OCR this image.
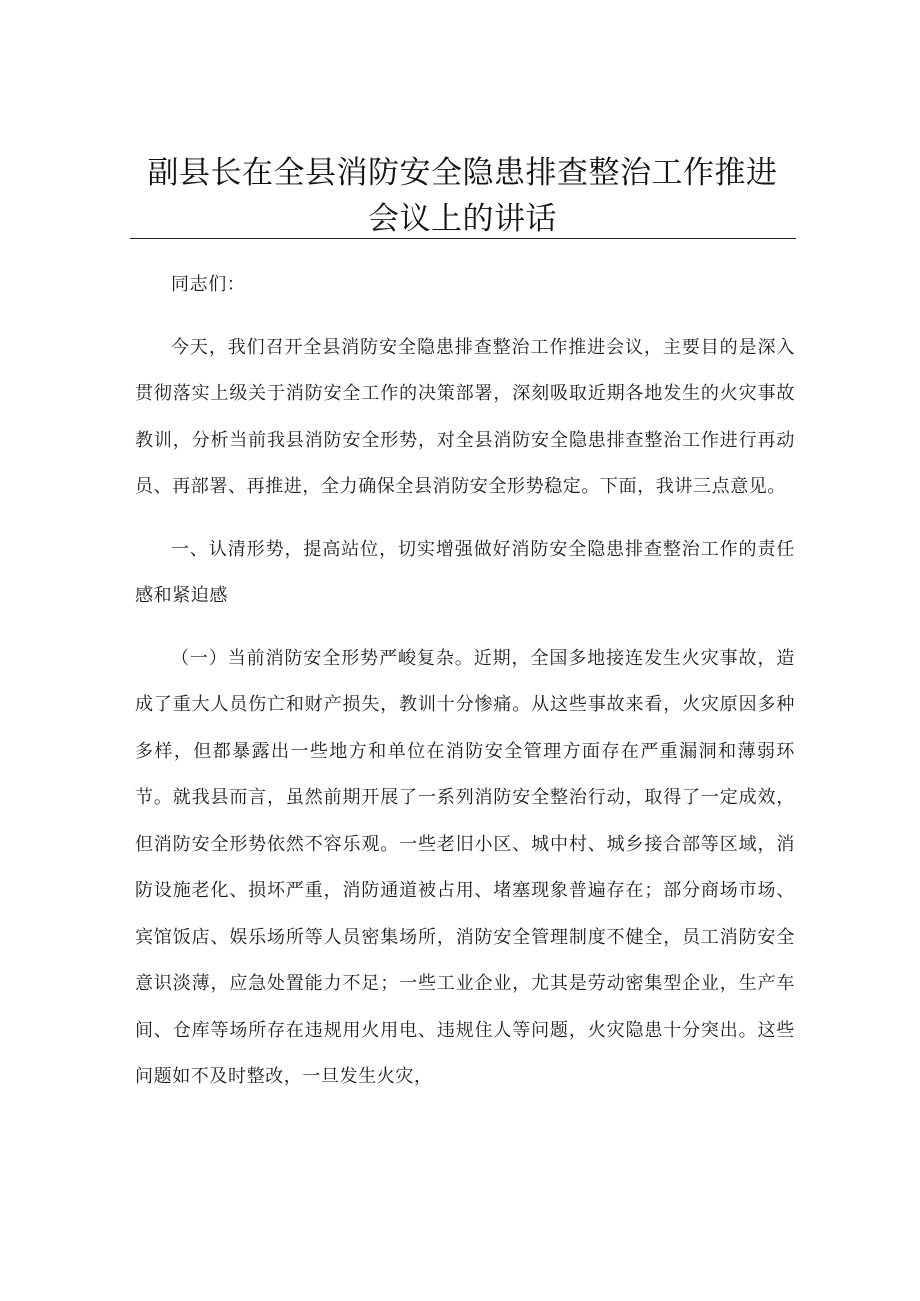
副县长在全县消防安全隐患排查整治工作推进
会议上的讲话

同志们：

今天，我们召开全县消防安全隐患排查整治工作推进会议，主要目的是深入贯彻落实上级关于消防安全工作的决策部署，深刻吸取近期各地发生的火灾事故教训，分析当前我县消防安全形势，对全县消防安全隐患排查整治工作进行再动员、再部署、再推进，全力确保全县消防安全形势稳定。下面，我讲三点意见。

一、认清形势，提高站位，切实增强做好消防安全隐患排查整治工作的责任感和紧迫感

（一）当前消防安全形势严峻复杂。近期，全国多地接连发生火灾事故，造成了重大人员伤亡和财产损失，教训十分惨痛。从这些事故来看，火灾原因多种多样，但都暴露出一些地方和单位在消防安全管理方面存在严重漏洞和薄弱环节。就我县而言，虽然前期开展了一系列消防安全整治行动，取得了一定成效，但消防安全形势依然不容乐观。一些老旧小区、城中村、城乡接合部等区域，消防设施老化、损坏严重，消防通道被占用、堵塞现象普遍存在；部分商场市场、宾馆饭店、娱乐场所等人员密集场所，消防安全管理制度不健全，员工消防安全意识淡薄，应急处置能力不足；一些工业企业，尤其是劳动密集型企业，生产车间、仓库等场所存在违规用火用电、违规住人等问题，火灾隐患十分突出。这些问题如不及时整改，一旦发生火灾，
